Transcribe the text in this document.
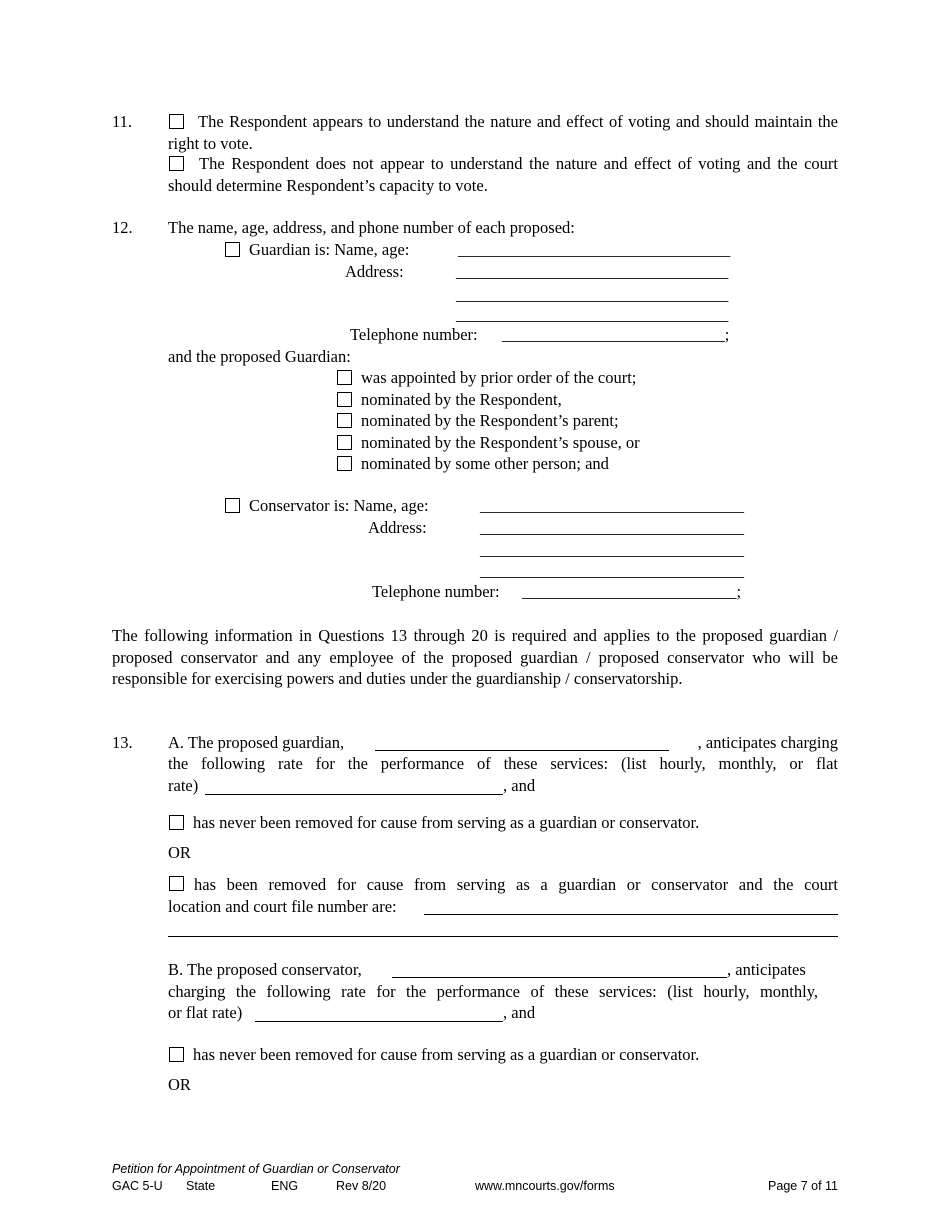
11.	The Respondent appears to understand the nature and effect of voting and should maintain the right to vote.
The Respondent does not appear to understand the nature and effect of voting and the court should determine Respondent’s capacity to vote.
12. The name, age, address, and phone number of each proposed:
Guardian is: Name, age:	_________________________________
Address:	_________________________________
_________________________________
_________________________________
Telephone number: ___________________________;
and the proposed Guardian:
was appointed by prior order of the court;
nominated by the Respondent,
nominated by the Respondent’s parent;
nominated by the Respondent’s spouse, or
nominated by some other person; and
Conservator is: Name, age:	________________________________
Address:	________________________________
________________________________
________________________________
Telephone number: __________________________;
The following information in Questions 13 through 20 is required and applies to the proposed guardian / proposed conservator and any employee of the proposed guardian / proposed conservator who will be responsible for exercising powers and duties under the guardianship / conservatorship.
13. A. The proposed guardian,	, anticipates charging
the following rate for the performance of these services: (list hourly, monthly, or flat
rate)	, and
has never been removed for cause from serving as a guardian or conservator.
OR
has been removed for cause from serving as a guardian or conservator and the court
location and court file number are:
B. The proposed conservator,	, anticipates
charging the following rate for the performance of these services: (list hourly, monthly,
or flat rate)	, and
has never been removed for cause from serving as a guardian or conservator.
OR
Petition for Appointment of Guardian or Conservator
GAC 5-U State	ENG	Rev 8/20	www.mncourts.gov/forms	Page 7 of 11
